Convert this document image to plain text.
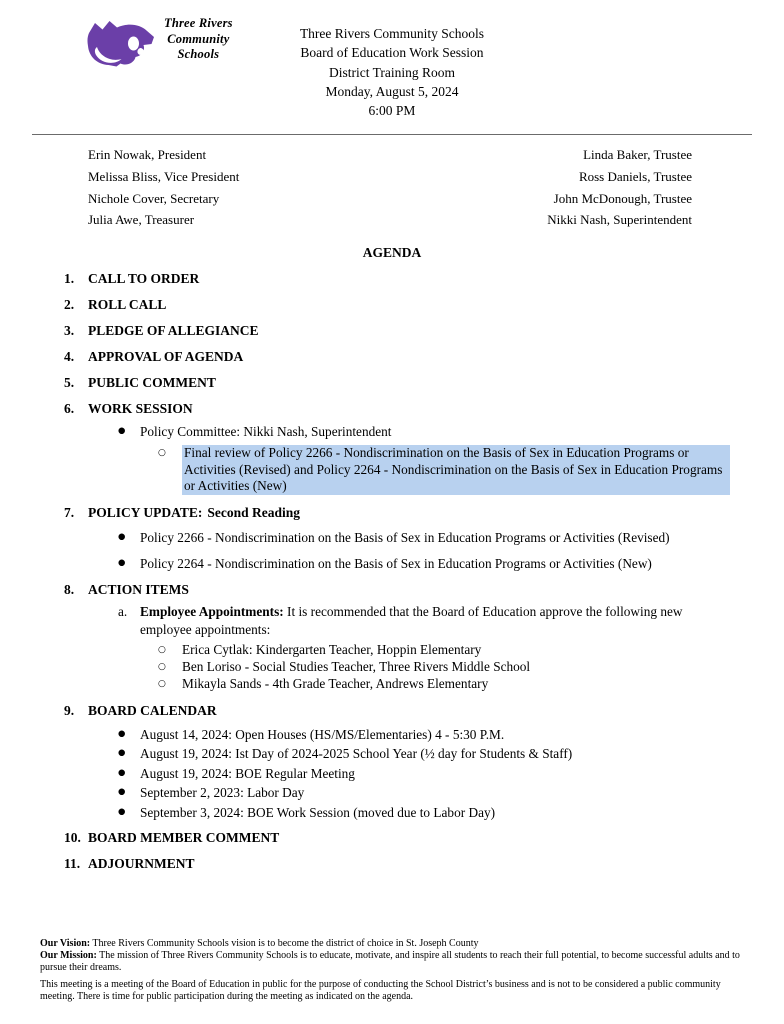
Three Rivers
Community
Schools
Three Rivers Community Schools
Board of Education Work Session
District Training Room
Monday, August 5, 2024
6:00 PM
Erin Nowak, President
Melissa Bliss, Vice President
Nichole Cover, Secretary
Julia Awe, Treasurer
Linda Baker, Trustee
Ross Daniels, Trustee
John McDonough, Trustee
Nikki Nash, Superintendent
AGENDA
1.	CALL TO ORDER
2.	ROLL CALL
3.	PLEDGE OF ALLEGIANCE
4.	APPROVAL OF AGENDA
5.	PUBLIC COMMENT
6.	WORK SESSION
●	Policy Committee: Nikki Nash, Superintendent
○	Final review of Policy 2266 - Nondiscrimination on the Basis of Sex in Education Programs or Activities (Revised) and Policy 2264 - Nondiscrimination on the Basis of Sex in Education Programs or Activities (New)
7.	POLICY UPDATE: Second Reading
●	Policy 2266 - Nondiscrimination on the Basis of Sex in Education Programs or Activities (Revised)
●	Policy 2264 - Nondiscrimination on the Basis of Sex in Education Programs or Activities (New)
8.	ACTION ITEMS
a. Employee Appointments: It is recommended that the Board of Education approve the following new employee appointments:
○	Erica Cytlak: Kindergarten Teacher, Hoppin Elementary
○	Ben Loriso - Social Studies Teacher, Three Rivers Middle School
○	Mikayla Sands - 4th Grade Teacher, Andrews Elementary
9.	BOARD CALENDAR
●	August 14, 2024: Open Houses (HS/MS/Elementaries) 4 - 5:30 P.M.
●	August 19, 2024: Ist Day of 2024-2025 School Year (½ day for Students & Staff)
●	August 19, 2024: BOE Regular Meeting
●	September 2, 2023: Labor Day
●	September 3, 2024: BOE Work Session (moved due to Labor Day)
10. BOARD MEMBER COMMENT
11. ADJOURNMENT

Our Vision: Three Rivers Community Schools vision is to become the district of choice in St. Joseph County

Our Mission: The mission of Three Rivers Community Schools is to educate, motivate, and inspire all students to reach their full potential, to become successful adults and to pursue their dreams.

This meeting is a meeting of the Board of Education in public for the purpose of conducting the School District’s business and is not to be considered a public community meeting. There is time for public participation during the meeting as indicated on the agenda.
